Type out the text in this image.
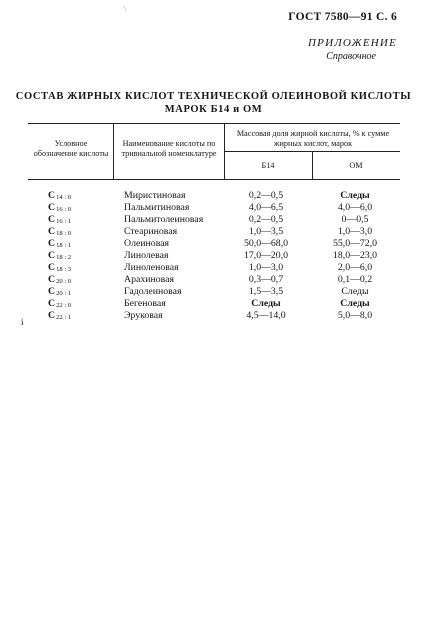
\
ГОСТ 7580—91 С. 6
ПРИЛОЖЕНИЕ
Справочное
СОСТАВ ЖИРНЫХ КИСЛОТ ТЕХНИЧЕСКОЙ ОЛЕИНОВОЙ КИСЛОТЫ
МАРОК Б14 и ОМ
Условное обозначение кислоты
Наименование кислоты по тривиальной номенклатуре
Массовая доля жирной кислоты, % к сумме жирных кислот, марок
Б14	ОМ
C14 : 0	Миристиновая	0,2—0,5	Следы
C16 : 0	Пальмитиновая	4,0—6,5	4,0—6,0
C16 : 1	Пальмитолеиновая	0,2—0,5	0—0,5
C18 : 0	Стеариновая	1,0—3,5	1,0—3,0
C18 : 1	Олеиновая	50,0—68,0	55,0—72,0
C18 : 2	Линолевая	17,0—20,0	18,0—23,0
C18 : 3	Линоленовая	1,0—3,0	2,0—6,0
C20 : 0	Арахиновая	0,3—0,7	0,1—0,2
C20 : 1	Гадолеиновая	1,5—3,5	Следы
C22 : 0	Бегеновая	Следы	Следы
C22 : 1	Эруковая	4,5—14,0	5,0—8,0
i
